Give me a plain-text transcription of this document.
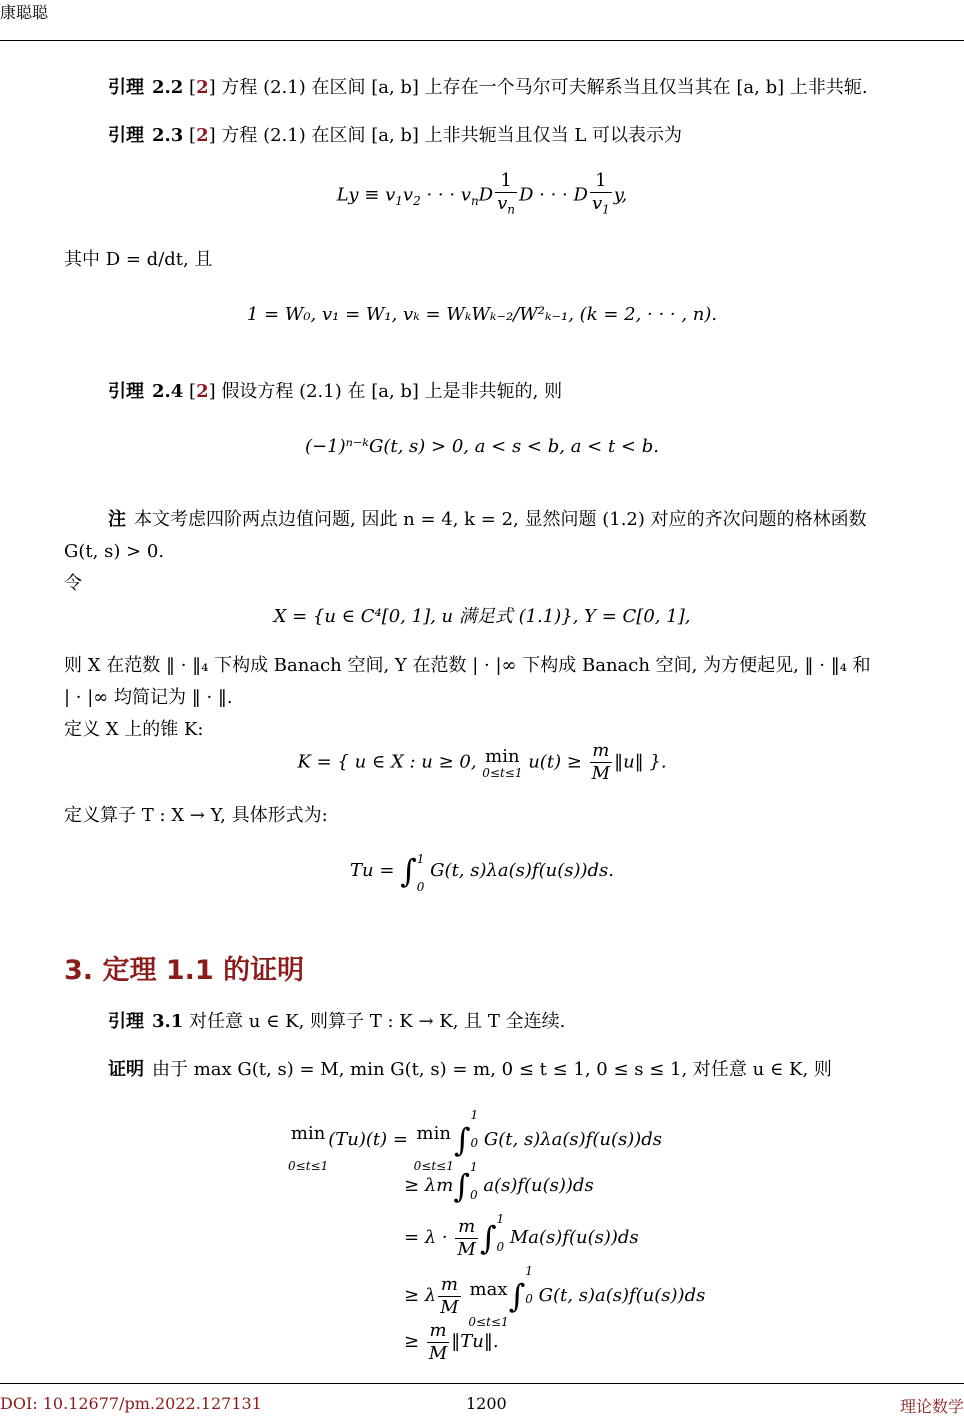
康聪聪
引理 2.2 [2] 方程 (2.1) 在区间 [a, b] 上存在一个马尔可夫解系当且仅当其在 [a, b] 上非共轭.
引理 2.3 [2] 方程 (2.1) 在区间 [a, b] 上非共轭当且仅当 L 可以表示为
$Ly \equiv v_1v_2$ · · · $v_nD \frac{1}{v_n}$ D · · · D $\frac{1}{v_1} y$,
其中 D = d/dt, 且
1 = W₀, v₁ = W₁, vₖ = WₖWₖ₋₂/W²ₖ₋₁, (k = 2, · · · , n).
引理 2.4 [2] 假设方程 (2.1) 在 [a, b] 上是非共轭的, 则
(−1)ⁿ⁻ᵏG(t, s) > 0, a < s < b, a < t < b.
注 本文考虑四阶两点边值问题, 因此 n = 4, k = 2, 显然问题 (1.2) 对应的齐次问题的格林函数
G(t, s) > 0.
令
X = {u ∈ C⁴[0, 1], u 满足式 (1.1)}, Y = C[0, 1],
则 X 在范数 ‖ · ‖₄ 下构成 Banach 空间, Y 在范数 | · |∞ 下构成 Banach 空间, 为方便起见, ‖ · ‖₄ 和
| · |∞ 均简记为 ‖ · ‖.
定义 X 上的锥 K:
K = { u ∈ X : u ≥ 0, min
0≤t≤1
$u(t) \ge \frac{m}{M}$ ‖u‖ }.
定义算子 T : X → Y, 具体形式为:
Tu = ∫1

0 G(t, s)λa(s)f(u(s))ds.
3. 定理 1.1 的证明
引理 3.1 对任意 u ∈ K, 则算子 T : K → K, 且 T 全连续.
证明 由于 max G(t, s) = M, min G(t, s) = m, 0 ≤ t ≤ 1, 0 ≤ s ≤ 1, 对任意 u ∈ K, 则
min
0≤t≤1
(Tu)(t) = min
0≤t≤1
∫1

0 G(t, s)λa(s)f(u(s))ds
≥ λm∫1

0 a(s)f(u(s))ds
= $\lambda \cdot \frac{m}{M} \int 1$

0 Ma(s)f(u(s))ds
≥ λ $\frac{m}{M}$
max
0≤t≤1
∫1

0 G(t, s)a(s)f(u(s))ds
≥ $\frac{m}{M}$ ‖Tu‖.
DOI: 10.12677/pm.2022.127131	1200	理论数学
